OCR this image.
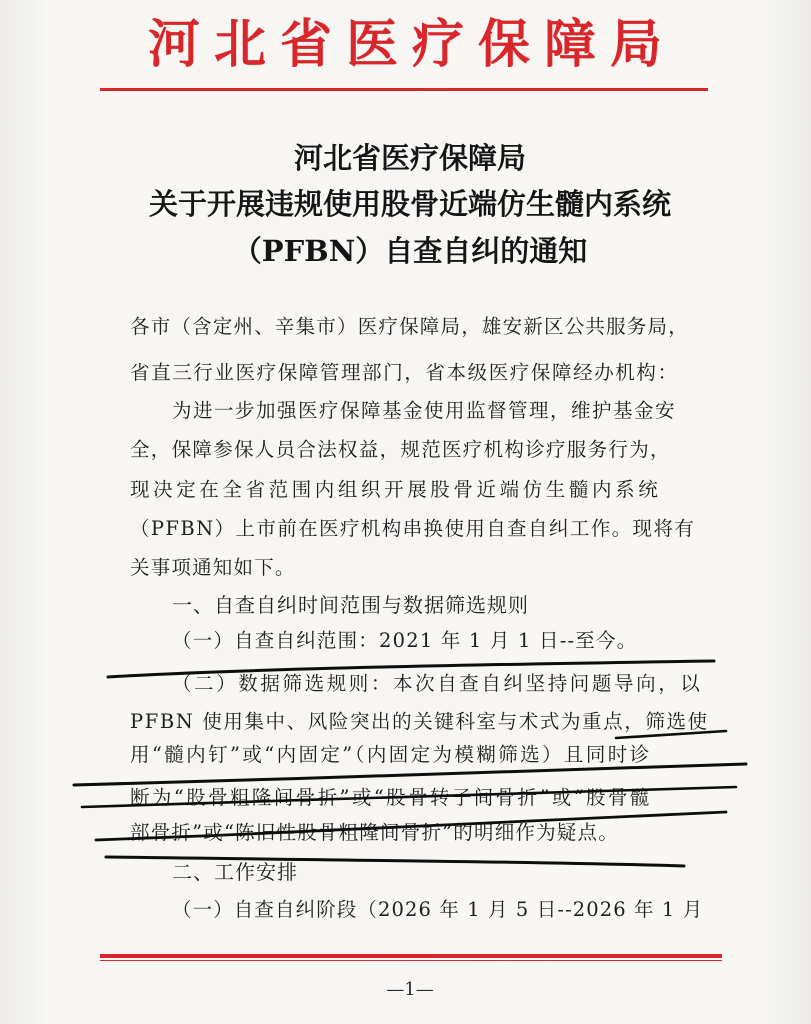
河北省医疗保障局
河北省医疗保障局
关于开展违规使用股骨近端仿生髓内系统
（PFBN）自查自纠的通知
各市（含定州、辛集市）医疗保障局，雄安新区公共服务局，
省直三行业医疗保障管理部门，省本级医疗保障经办机构：
为进一步加强医疗保障基金使用监督管理，维护基金安
全，保障参保人员合法权益，规范医疗机构诊疗服务行为，
现决定在全省范围内组织开展股骨近端仿生髓内系统
（PFBN）上市前在医疗机构串换使用自查自纠工作。现将有
关事项通知如下。
一、自查自纠时间范围与数据筛选规则
（一）自查自纠范围：2021 年 1 月 1 日--至今。
（二）数据筛选规则：本次自查自纠坚持问题导向，以
PFBN 使用集中、风险突出的关键科室与术式为重点，筛选使
用“髓内钉”或“内固定”（内固定为模糊筛选）且同时诊
断为“股骨粗隆间骨折”或“股骨转子间骨折”或“股骨髋
部骨折”或“陈旧性股骨粗隆间骨折”的明细作为疑点。
—1—
二、工作安排
（一）自查自纠阶段（2026 年 1 月 5 日--2026 年 1 月
